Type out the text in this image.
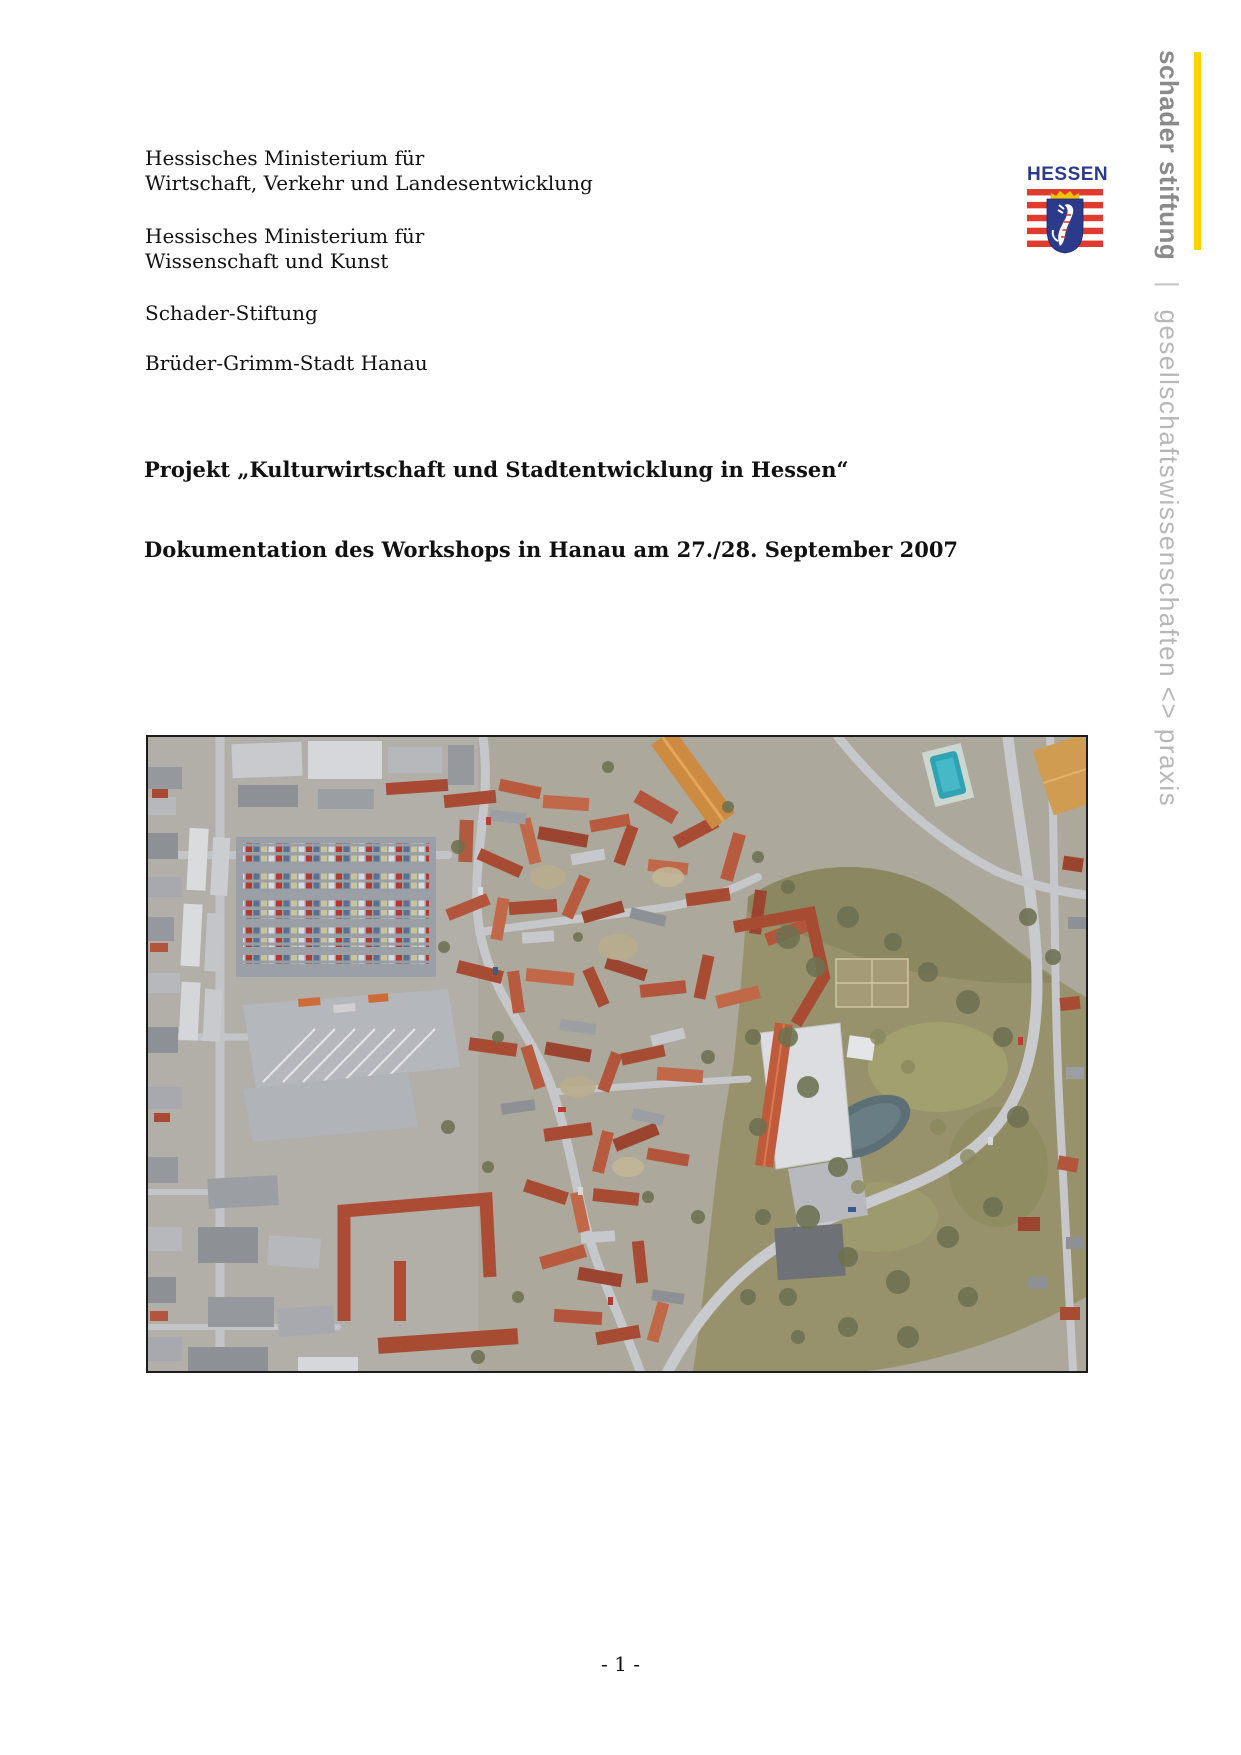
Hessisches Ministerium für
Wirtschaft, Verkehr und Landesentwicklung
Hessisches Ministerium für
Wissenschaft und Kunst
Schader-Stiftung
Brüder-Grimm-Stadt Hanau
HESSEN
Projekt „Kulturwirtschaft und Stadtentwicklung in Hessen“
Dokumentation des Workshops in Hanau am 27./28. September 2007
schader stiftung | gesellschaftswissenschaften <> praxis
- 1 -
